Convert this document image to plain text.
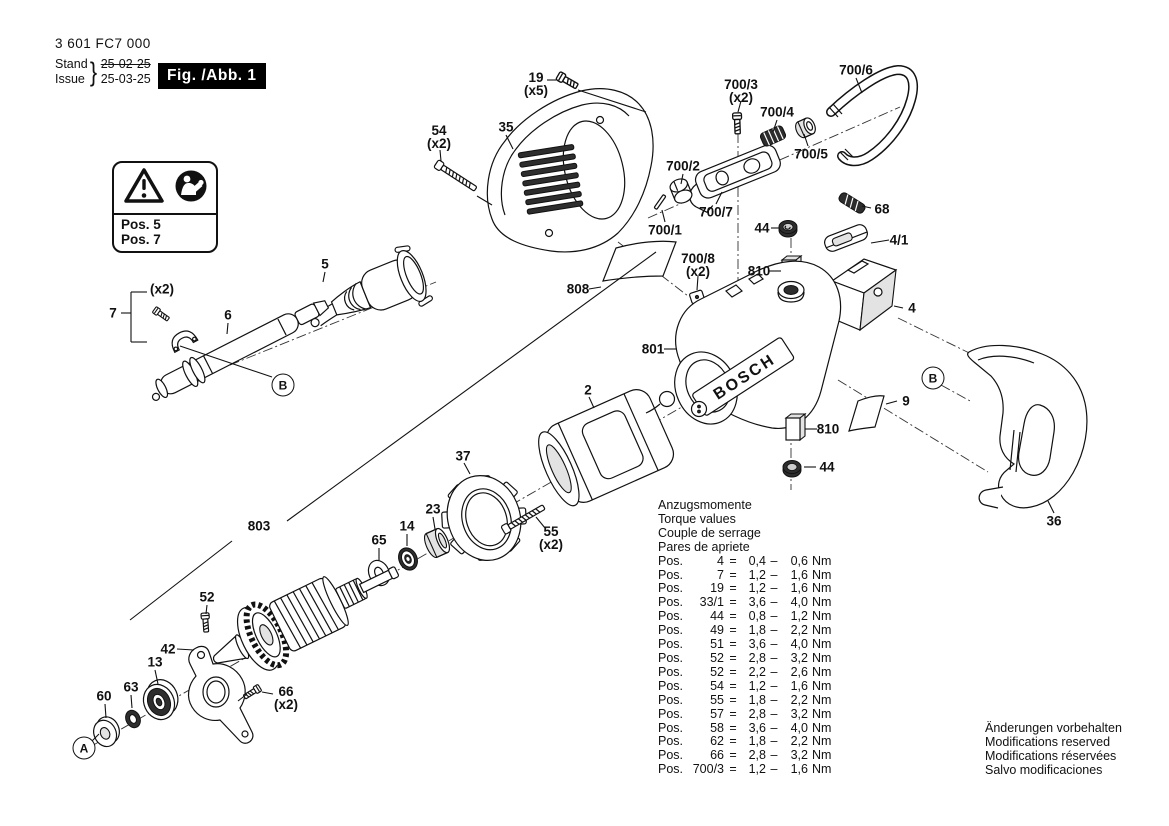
BOSCH
3 601 FC7 000
Stand
Issue } 25-02-25
25-03-25	Fig. /Abb. 1
Pos. 5
Pos. 7
Anzugsmomente
Torque values
Couple de serrage
Pares de apriete
Pos.	4 = 0,4 –	0,6 Nm
Pos.	7 = 1,2 –	1,6 Nm
Pos.	19 = 1,2 –	1,6 Nm
Pos.	33/1 = 3,6 –	4,0 Nm
Pos.	44 = 0,8 –	1,2 Nm
Pos.	49 = 1,8 –	2,2 Nm
Pos.	51 = 3,6 –	4,0 Nm
Pos.	52 = 2,8 –	3,2 Nm
Pos.	52 = 2,2 –	2,6 Nm
Pos.	54 = 1,2 –	1,6 Nm
Pos.	55 = 1,8 –	2,2 Nm
Pos.	57 = 2,8 –	3,2 Nm
Pos.	58 = 3,6 –	4,0 Nm
Pos.	62 = 1,8 –	2,2 Nm
Pos.	66 = 2,8 –	3,2 Nm
Pos. 700/3 = 1,2 –	1,6 Nm
Änderungen vorbehalten
Modifications reserved
Modifications réservées
Salvo modificaciones
19
(x5)
54
(x2)
35
700/3
(x2)
700/4
700/6
700/5
700/2
700/7
700/1
68
44
4/1
810
700/8
(x2)
808
801
4
9
810
44
2
37
23
14
65
803	55
(x2)
52
42
13
63
60	66
(x2)
5
6
7
(x2)
36
A
B	B
